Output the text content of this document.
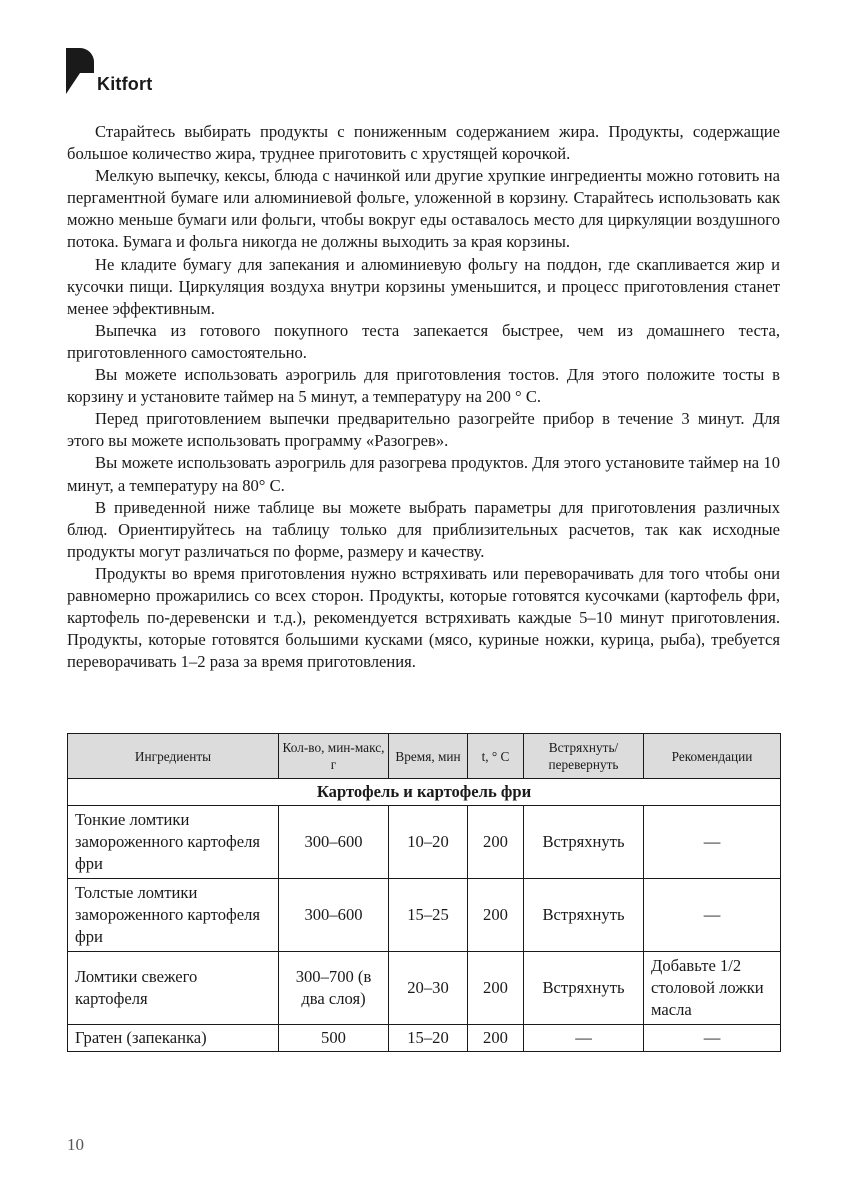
Kitfort

Старайтесь выбирать продукты с пониженным содержанием жира. Продукты, содержащие большое количество жира, труднее приготовить с хрустящей корочкой.

Мелкую выпечку, кексы, блюда с начинкой или другие хрупкие ингредиенты можно готовить на пергаментной бумаге или алюминиевой фольге, уложенной в корзину. Старайтесь использовать как можно меньше бумаги или фольги, чтобы вокруг еды оставалось место для циркуляции воздушного потока. Бумага и фольга никогда не должны выходить за края корзины.

Не кладите бумагу для запекания и алюминиевую фольгу на поддон, где скапливается жир и кусочки пищи. Циркуляция воздуха внутри корзины уменьшится, и процесс приготовления станет менее эффективным.

Выпечка из готового покупного теста запекается быстрее, чем из домашнего теста, приготовленного самостоятельно.

Вы можете использовать аэрогриль для приготовления тостов. Для этого положите тосты в корзину и установите таймер на 5 минут, а температуру на 200 ° С.

Перед приготовлением выпечки предварительно разогрейте прибор в течение 3 минут. Для этого вы можете использовать программу «Разогрев».

Вы можете использовать аэрогриль для разогрева продуктов. Для этого установите таймер на 10 минут, а температуру на 80° С.

В приведенной ниже таблице вы можете выбрать параметры для приготовления различных блюд. Ориентируйтесь на таблицу только для приблизительных расчетов, так как исходные продукты могут различаться по форме, размеру и качеству.

Продукты во время приготовления нужно встряхивать или переворачивать для того чтобы они равномерно прожарились со всех сторон. Продукты, которые готовятся кусочками (картофель фри, картофель по-деревенски и т.д.), рекомендуется встряхивать каждые 5–10 минут приготовления. Продукты, которые готовятся большими кусками (мясо, куриные ножки, курица, рыба), требуется переворачивать 1–2 раза за время приготовления.

Ингредиенты	Кол-во, мин-макс, г	Время, мин	t, ° С	Встряхнуть/ перевернуть	Рекомендации
Картофель и картофель фри					
Тонкие ломтики замороженного картофеля фри	300–600	10–20	200	Встряхнуть	—
Толстые ломтики замороженного картофеля фри	300–600	15–25	200	Встряхнуть	—
Ломтики свежего картофеля	300–700 (в два слоя)	20–30	200	Встряхнуть	Добавьте 1/2 столовой ложки масла
Гратен (запеканка)	500	15–20	200	—	—
10
